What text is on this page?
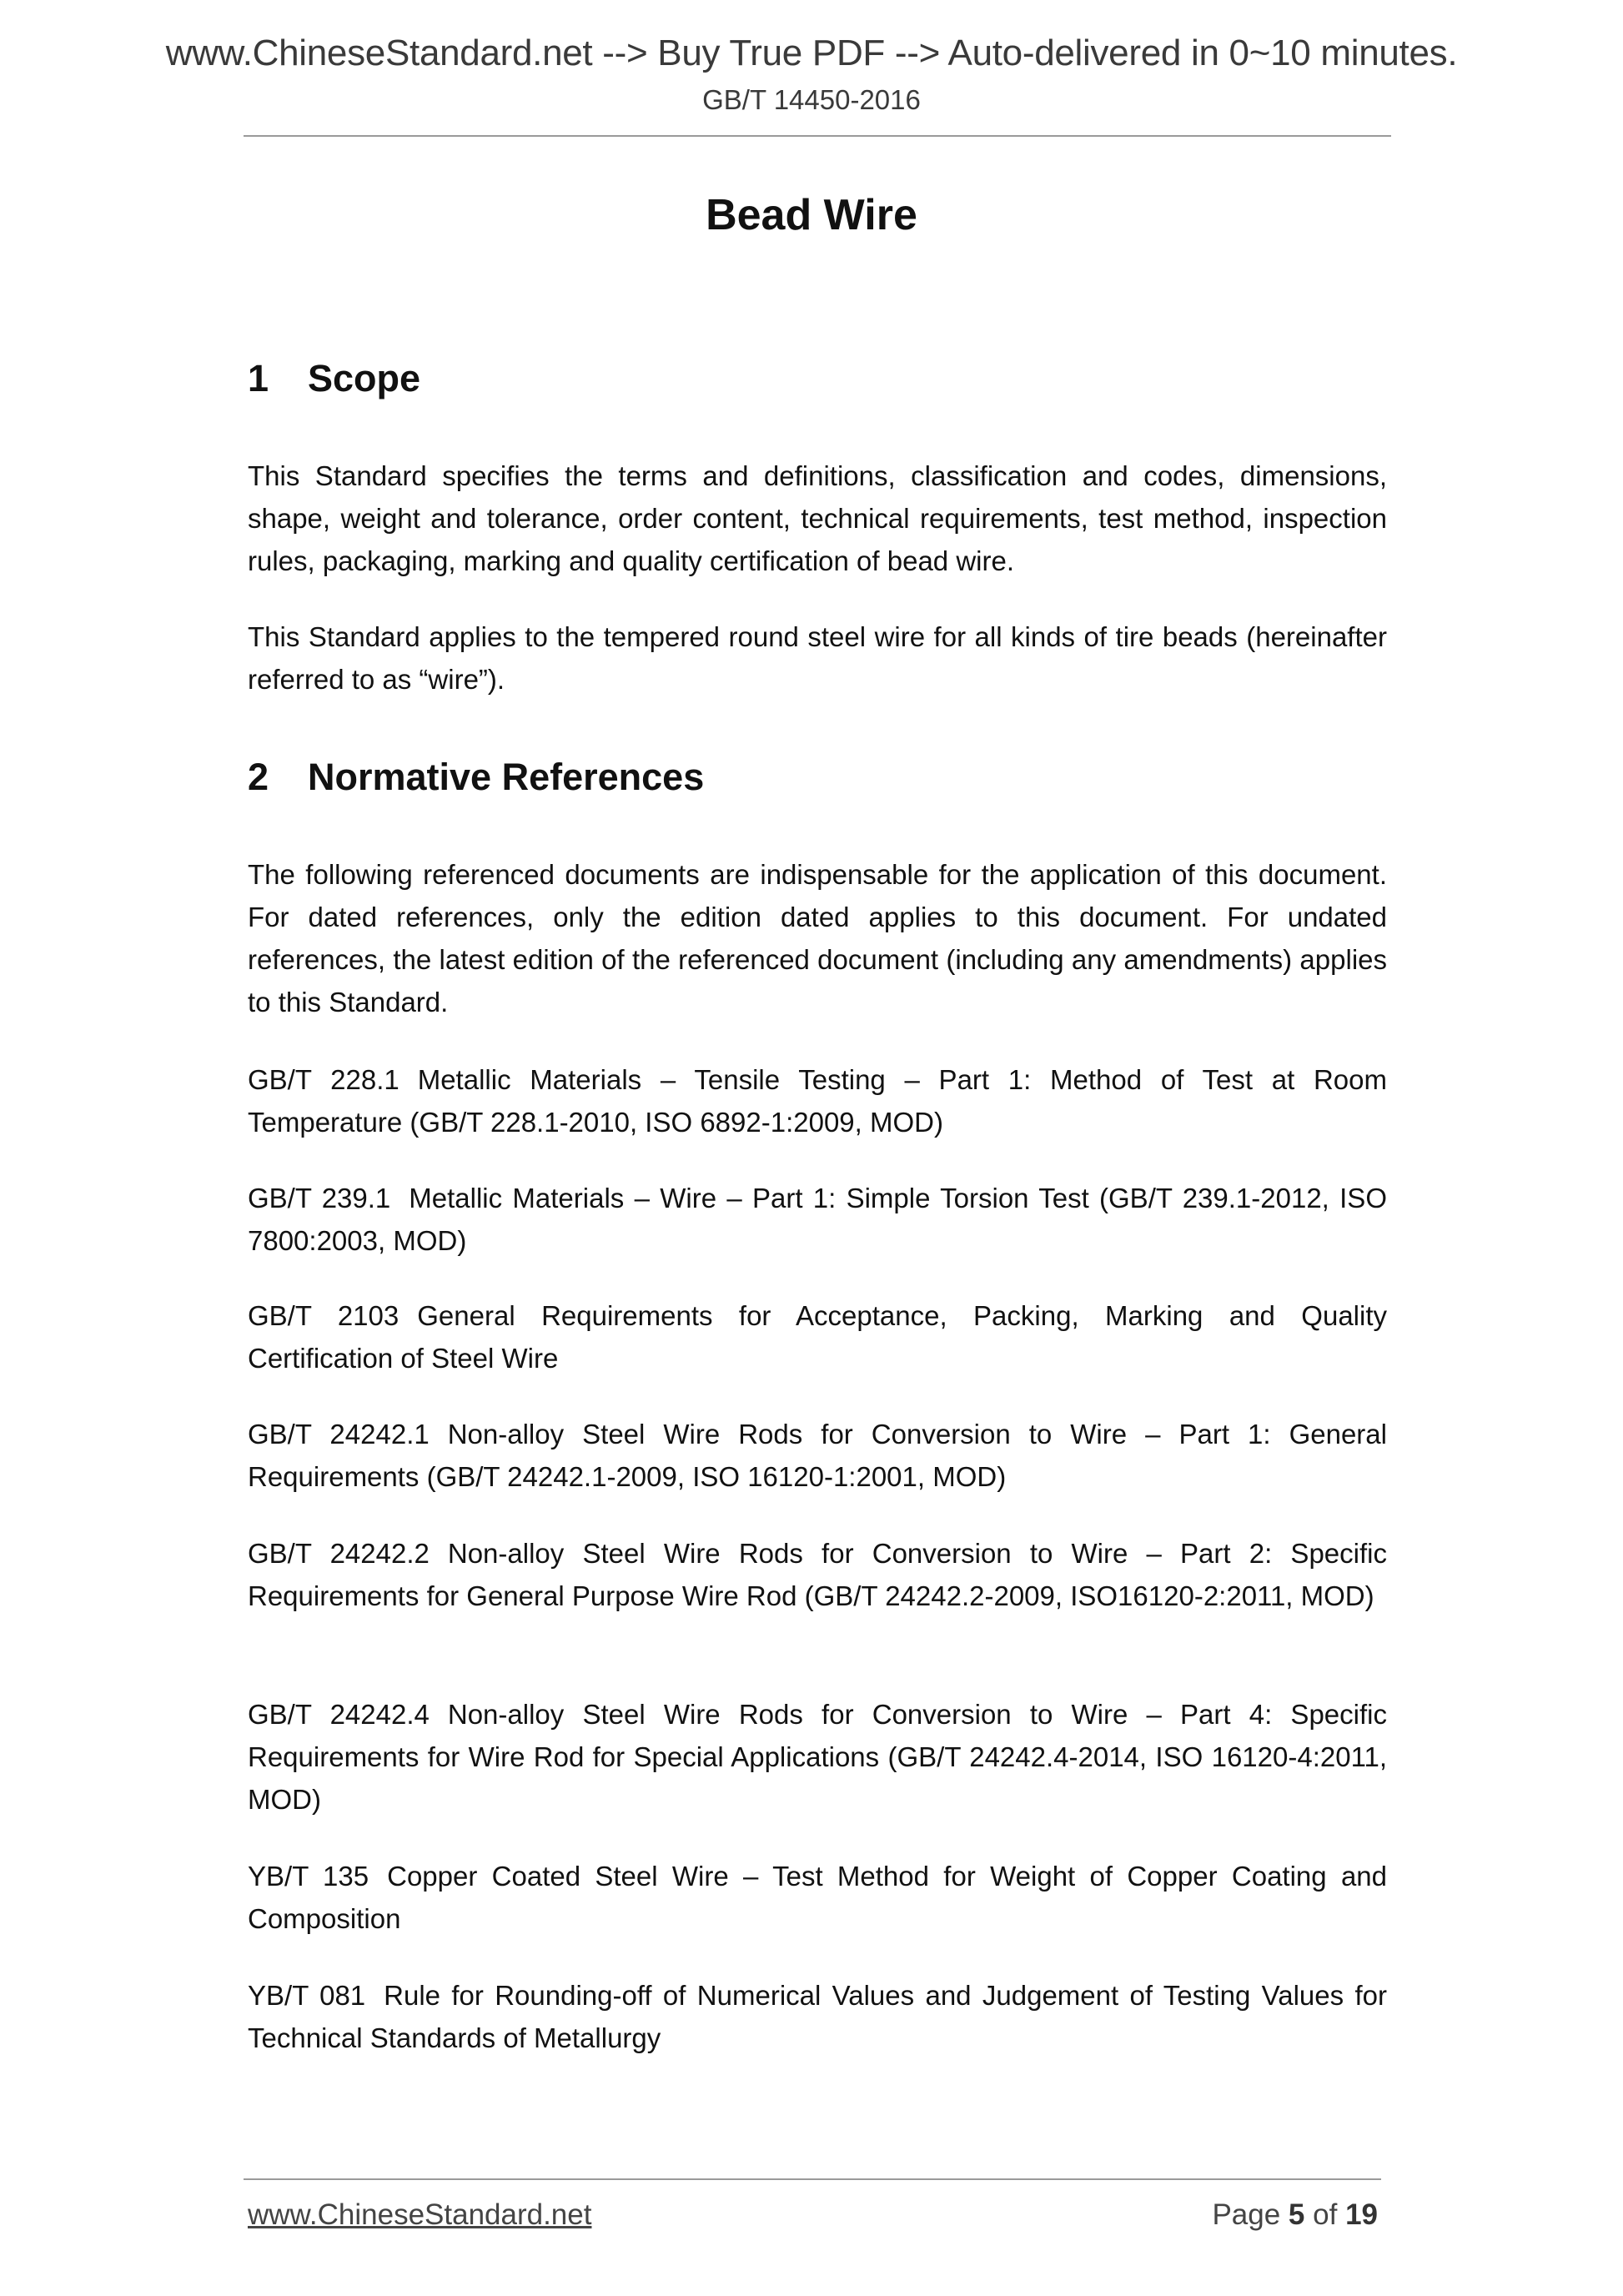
www.ChineseStandard.net --> Buy True PDF --> Auto-delivered in 0~10 minutes.
GB/T 14450-2016
Bead Wire
1 Scope
This Standard specifies the terms and definitions, classification and codes, dimensions, shape, weight and tolerance, order content, technical requirements, test method, inspection rules, packaging, marking and quality certification of bead wire.
This Standard applies to the tempered round steel wire for all kinds of tire beads (hereinafter referred to as “wire”).
2 Normative References
The following referenced documents are indispensable for the application of this document. For dated references, only the edition dated applies to this document. For undated references, the latest edition of the referenced document (including any amendments) applies to this Standard.
GB/T 228.1 Metallic Materials – Tensile Testing – Part 1: Method of Test at Room Temperature (GB/T 228.1-2010, ISO 6892-1:2009, MOD)
GB/T 239.1 Metallic Materials – Wire – Part 1: Simple Torsion Test (GB/T 239.1-2012, ISO 7800:2003, MOD)
GB/T 2103 General Requirements for Acceptance, Packing, Marking and Quality Certification of Steel Wire
GB/T 24242.1 Non-alloy Steel Wire Rods for Conversion to Wire – Part 1: General Requirements (GB/T 24242.1-2009, ISO 16120-1:2001, MOD)
GB/T 24242.2 Non-alloy Steel Wire Rods for Conversion to Wire – Part 2: Specific Requirements for General Purpose Wire Rod (GB/T 24242.2-2009, ISO16120-2:2011, MOD)
GB/T 24242.4 Non-alloy Steel Wire Rods for Conversion to Wire – Part 4: Specific Requirements for Wire Rod for Special Applications (GB/T 24242.4-2014, ISO 16120-4:2011, MOD)
YB/T 135 Copper Coated Steel Wire – Test Method for Weight of Copper Coating and Composition
YB/T 081 Rule for Rounding-off of Numerical Values and Judgement of Testing Values for Technical Standards of Metallurgy
www.ChineseStandard.net	Page 5 of 19
